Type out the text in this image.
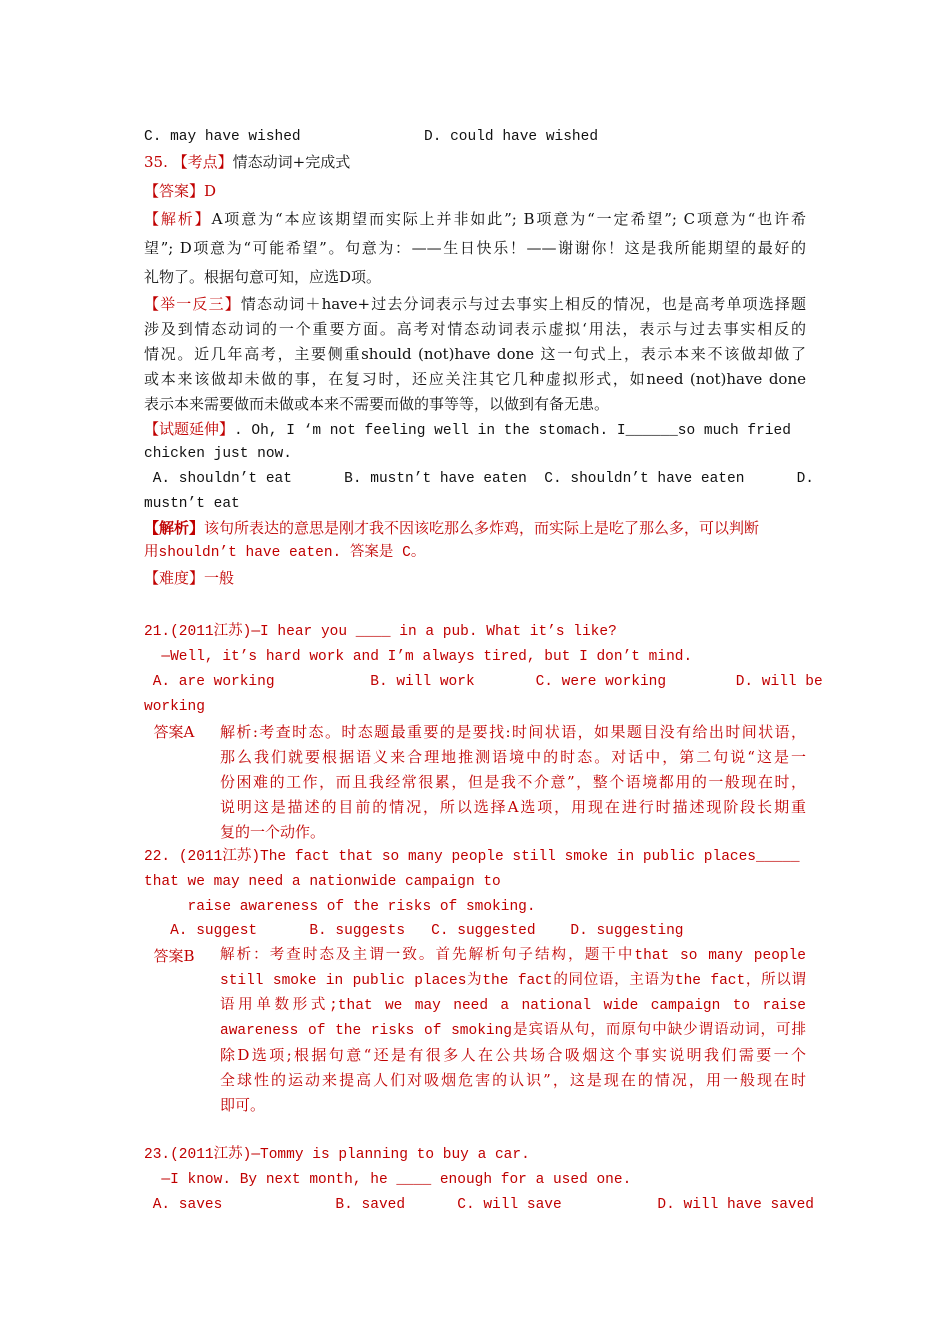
C. may have wished	D. could have wished
35. 【考点】情态动词+完成式
【答案】D
【解析】A项意为“本应该期望而实际上并非如此”; B项意为“一定希望”; C项意为“也许希
望”; D项意为“可能希望”。句意为：——生日快乐！——谢谢你！这是我所能期望的最好的
礼物了。根据句意可知，应选D项。
【举一反三】情态动词＋have+过去分词表示与过去事实上相反的情况，也是高考单项选择题
涉及到情态动词的一个重要方面。高考对情态动词表示虚拟‘用法，表示与过去事实相反的
情况。近几年高考，主要侧重should (not)have done 这一句式上，表示本来不该做却做了
或本来该做却未做的事，在复习时，还应关注其它几种虚拟形式，如need (not)have done
表示本来需要做而未做或本来不需要而做的事等等，以做到有备无患。
【试题延伸】. Oh, I ‘m not feeling well in the stomach. I______so much fried
chicken just now.
A. shouldn’t eat      B. mustn’t have eaten  C. shouldn’t have eaten      D.
mustn’t eat
【解析】该句所表达的意思是刚才我不因该吃那么多炸鸡，而实际上是吃了那么多，可以判断
用shouldn’t have eaten. 答案是 C。
【难度】一般
21.(2011江苏)—I hear you ____ in a pub. What it’s like?
—Well, it’s hard work and I’m always tired, but I don’t mind.
A. are working           B. will work       C. were working        D. will be
working
答案A 解析:考查时态。时态题最重要的是要找:时间状语，如果题目没有给出时间状语，
那么我们就要根据语义来合理地推测语境中的时态。对话中，第二句说“这是一
份困难的工作，而且我经常很累，但是我不介意”，整个语境都用的一般现在时，
说明这是描述的目前的情况，所以选择A选项，用现在进行时描述现阶段长期重
复的一个动作。
22. (2011江苏)The fact that so many people still smoke in public places_____
that we may need a nationwide campaign to
raise awareness of the risks of smoking.
A. suggest      B. suggests   C. suggested    D. suggesting
答案B 解析：考查时态及主谓一致。首先解析句子结构，题干中that so many people
still smoke in public places为the fact的同位语，主语为the fact，所以谓
语用单数形式;that we may need a national wide campaign to raise
awareness of the risks of smoking是宾语从句，而原句中缺少谓语动词，可排
除D选项;根据句意“还是有很多人在公共场合吸烟这个事实说明我们需要一个
全球性的运动来提高人们对吸烟危害的认识”，这是现在的情况，用一般现在时
即可。
23.(2011江苏)—Tommy is planning to buy a car.
—I know. By next month, he ____ enough for a used one.
A. saves             B. saved      C. will save           D. will have saved
